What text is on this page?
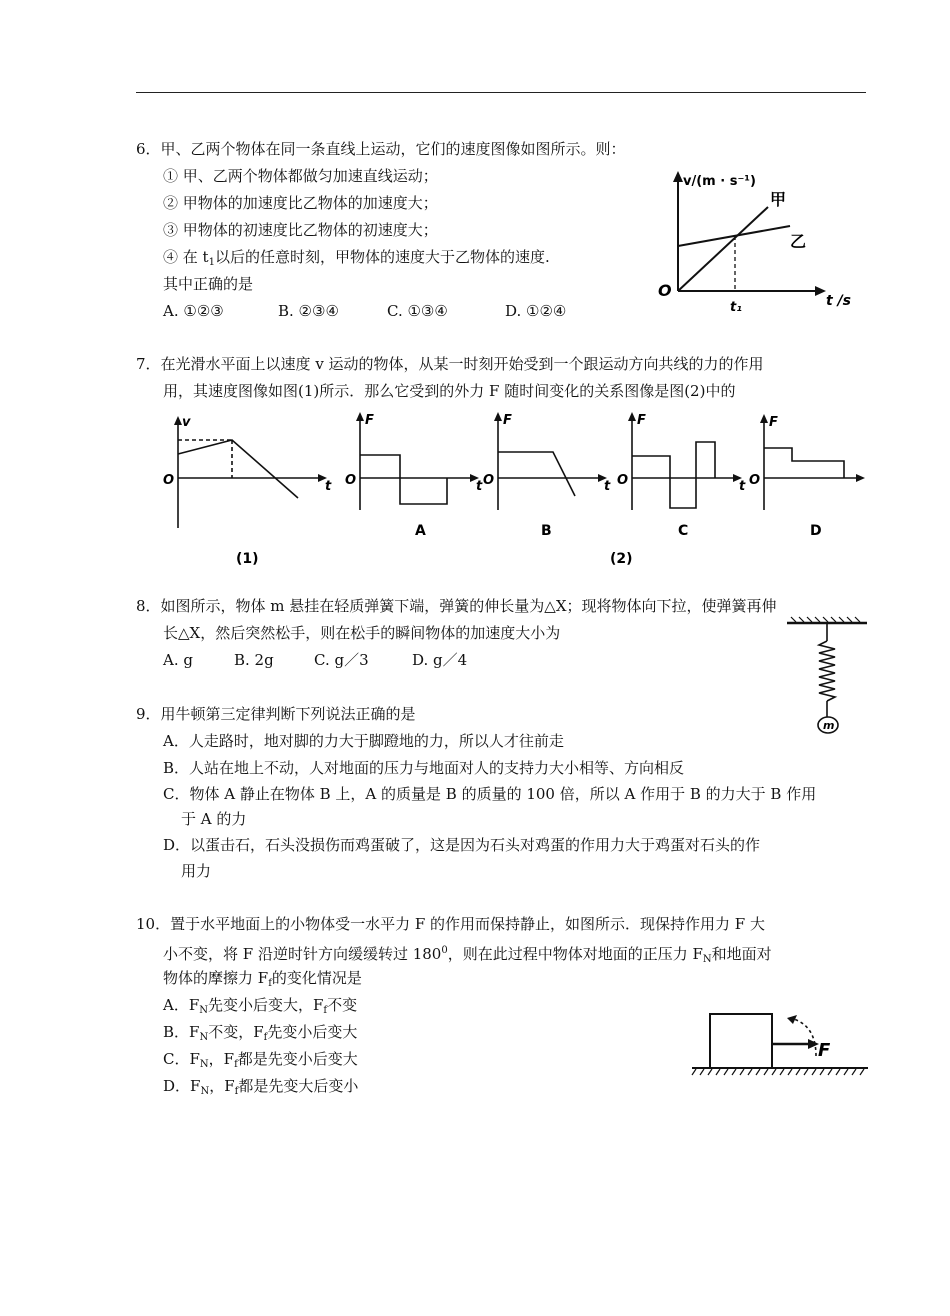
6．甲、乙两个物体在同一条直线上运动，它们的速度图像如图所示。则：
① 甲、乙两个物体都做匀加速直线运动；
② 甲物体的加速度比乙物体的加速度大；
③ 甲物体的初速度比乙物体的初速度大；
④ 在 $t_1$以后的任意时刻，甲物体的速度大于乙物体的速度.
其中正确的是
A. ①②③	B. ②③④	C. ①③④	D. ①②④
O
v/(m · s⁻¹)
t /s
t₁
甲
乙
7．在光滑水平面上以速度 v 运动的物体，从某一时刻开始受到一个跟运动方向共线的力的作用
用，其速度图像如图(1)所示．那么它受到的外力 F 随时间变化的关系图像是图(2)中的
v
O	t
F
O	t
F
O	t
F
O	t
F
O
A	B	C	D
(1)	(2)
8．如图所示，物体 m 悬挂在轻质弹簧下端，弹簧的伸长量为△X；现将物体向下拉，使弹簧再伸
长△X，然后突然松手，则在松手的瞬间物体的加速度大小为
A. g	B. 2g	C. g／3	D. g／4
m
9．用牛顿第三定律判断下列说法正确的是
A．人走路时，地对脚的力大于脚蹬地的力，所以人才往前走
B．人站在地上不动，人对地面的压力与地面对人的支持力大小相等、方向相反
C．物体 A 静止在物体 B 上，A 的质量是 B 的质量的 100 倍，所以 A 作用于 B 的力大于 B 作用
于 A 的力
D．以蛋击石，石头没损伤而鸡蛋破了，这是因为石头对鸡蛋的作用力大于鸡蛋对石头的作
用力
10．置于水平地面上的小物体受一水平力 F 的作用而保持静止，如图所示．现保持作用力 F 大
小不变，将 F 沿逆时针方向缓缓转过 $180^0$，则在此过程中物体对地面的正压力 $F_N$和地面对
物体的摩擦力 $F_f$的变化情况是
A．$F_N$先变小后变大，$F_f$不变
B．$F_N$不变，$F_f$先变小后变大
C．$F_N$，$F_f$都是先变小后变大
D．$F_N$，$F_f$都是先变大后变小
F
